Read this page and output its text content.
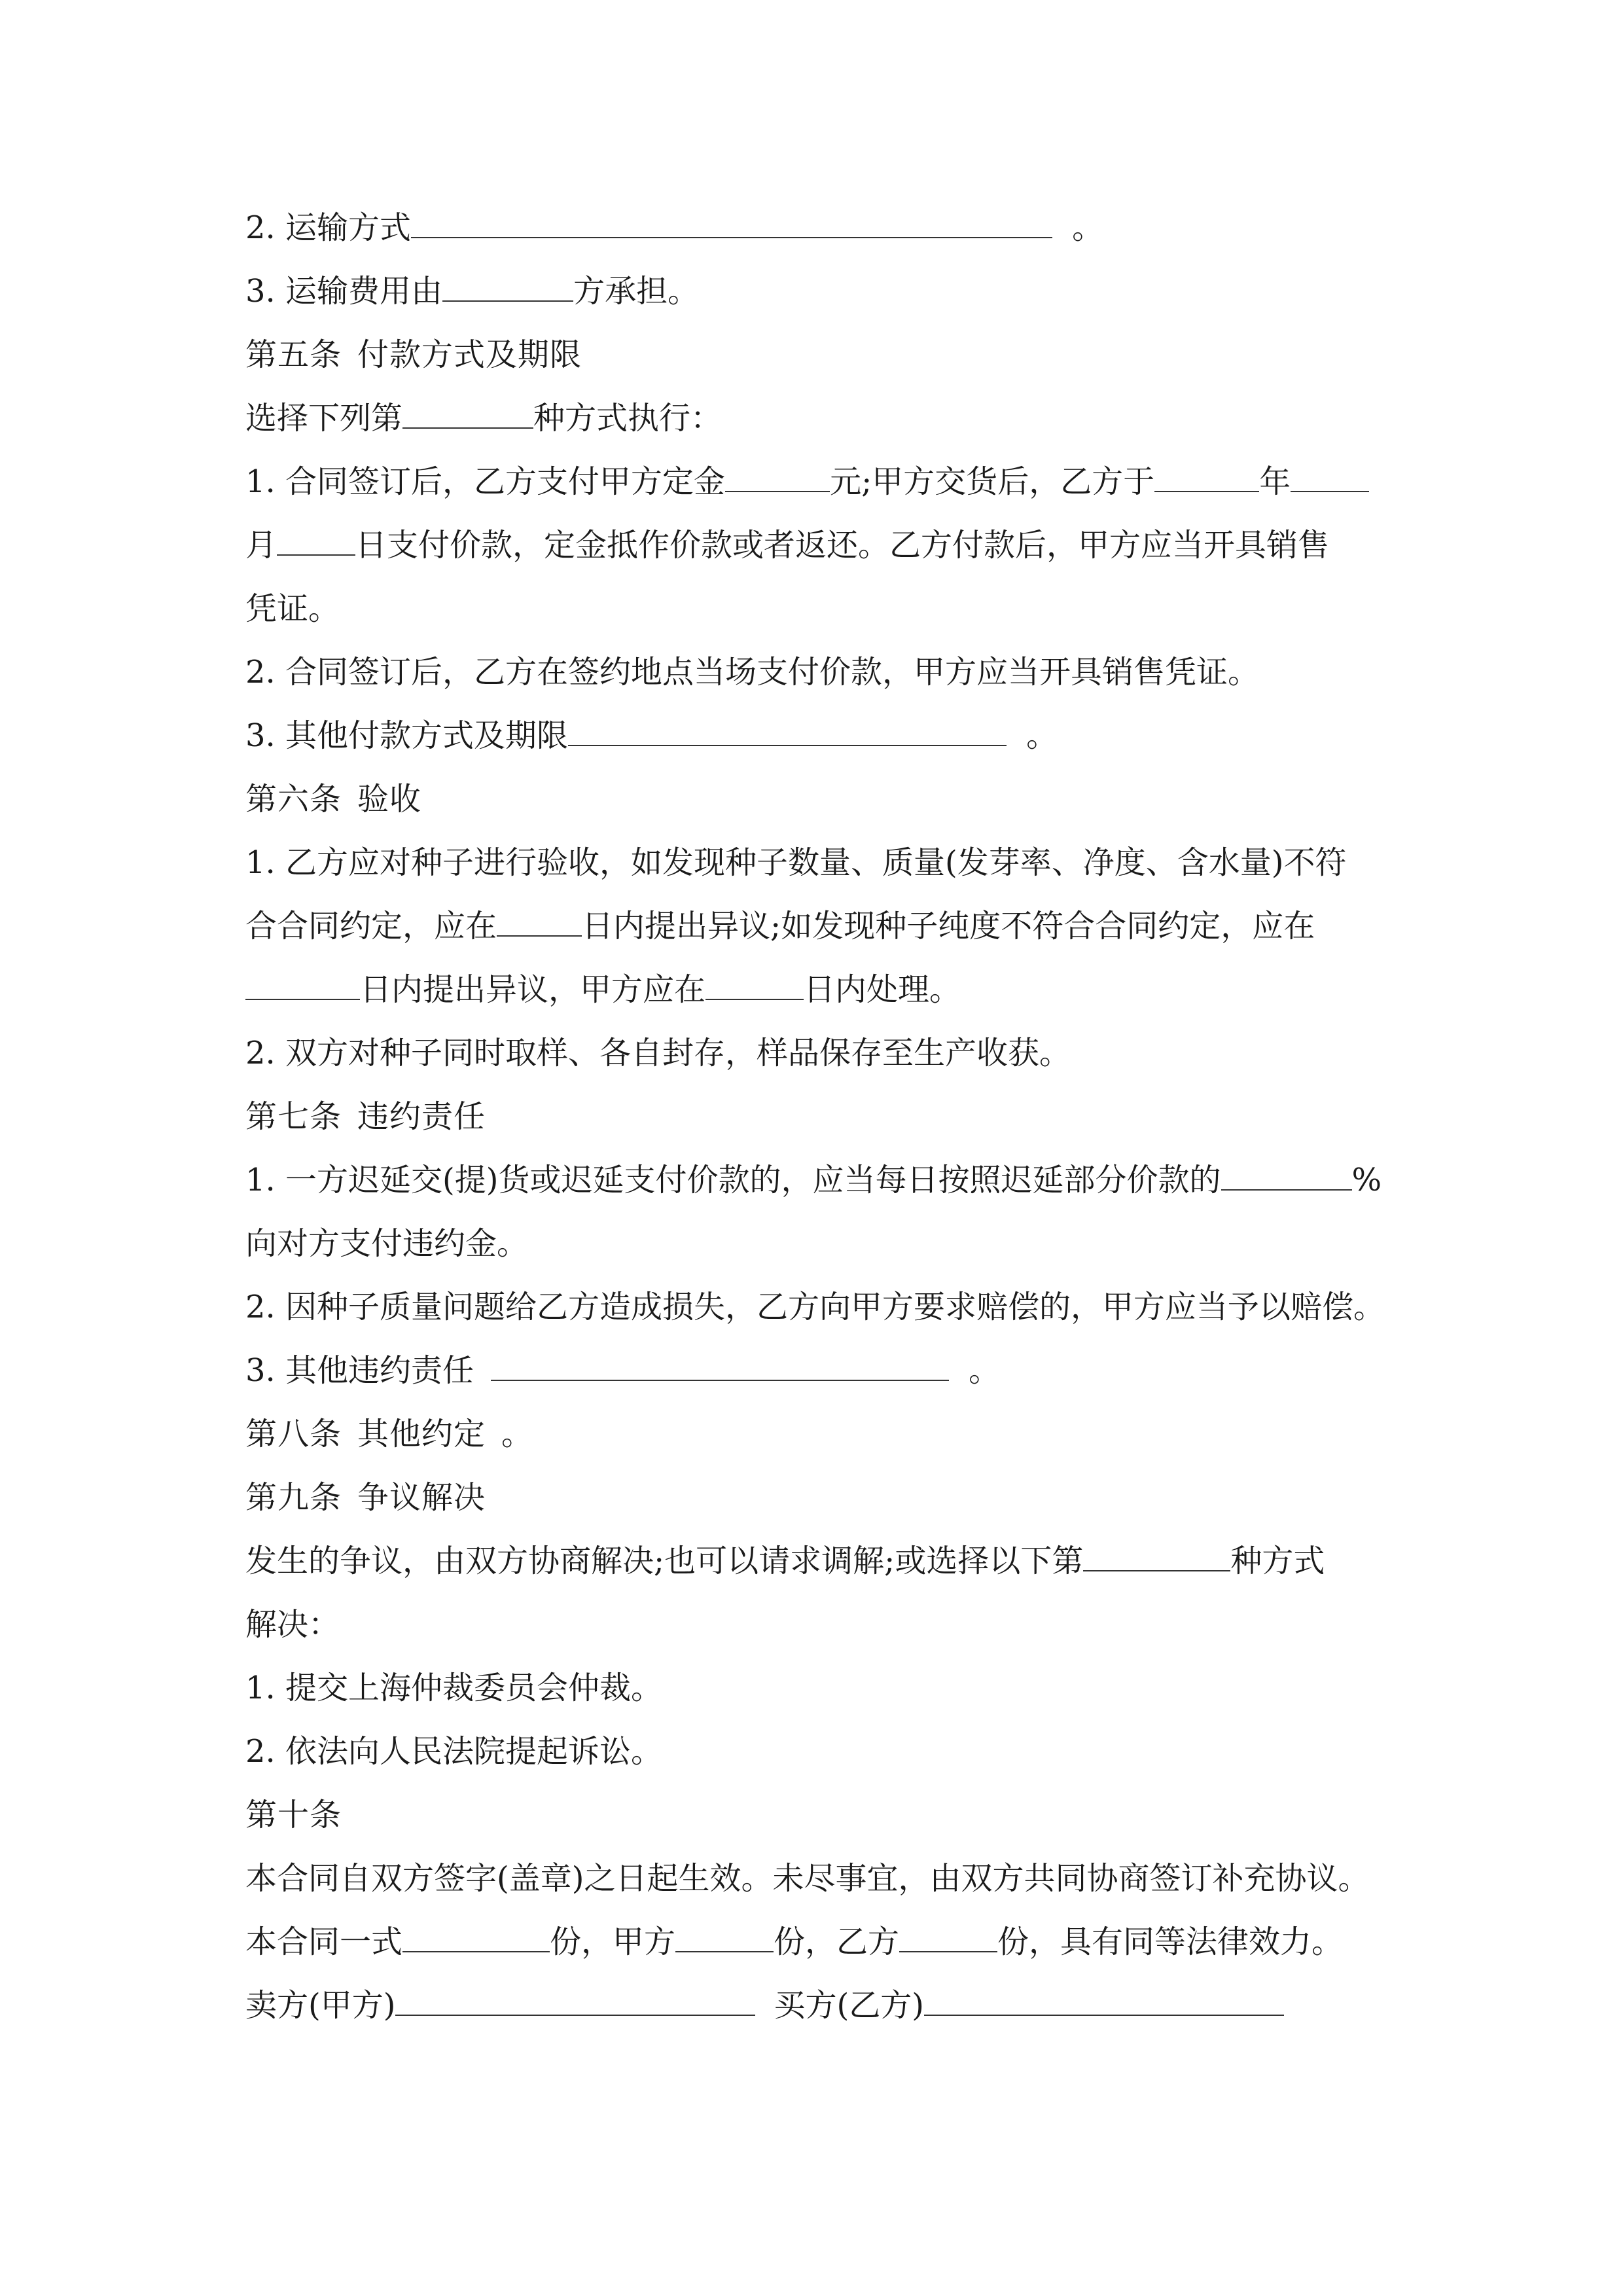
2. 运输方式	。
3. 运输费用由	方承担。
第五条 付款方式及期限
选择下列第	种方式执行：
1. 合同签订后，乙方支付甲方定金	元;甲方交货后，乙方于	年
月	日支付价款，定金抵作价款或者返还。乙方付款后，甲方应当开具销售
凭证。
2. 合同签订后，乙方在签约地点当场支付价款，甲方应当开具销售凭证。
3. 其他付款方式及期限	。
第六条 验收
1. 乙方应对种子进行验收，如发现种子数量、质量(发芽率、净度、含水量)不符
合合同约定，应在	日内提出异议;如发现种子纯度不符合合同约定，应在
日内提出异议，甲方应在	日内处理。
2. 双方对种子同时取样、各自封存，样品保存至生产收获。
第七条 违约责任
1. 一方迟延交(提)货或迟延支付价款的，应当每日按照迟延部分价款的	%
向对方支付违约金。
2. 因种子质量问题给乙方造成损失，乙方向甲方要求赔偿的，甲方应当予以赔偿。
3. 其他违约责任	。
第八条 其他约定 。
第九条 争议解决
发生的争议，由双方协商解决;也可以请求调解;或选择以下第	种方式
解决：
1. 提交上海仲裁委员会仲裁。
2. 依法向人民法院提起诉讼。
第十条
本合同自双方签字(盖章)之日起生效。未尽事宜，由双方共同协商签订补充协议。
本合同一式	份，甲方	份，乙方	份，具有同等法律效力。
卖方(甲方)	买方(乙方)
